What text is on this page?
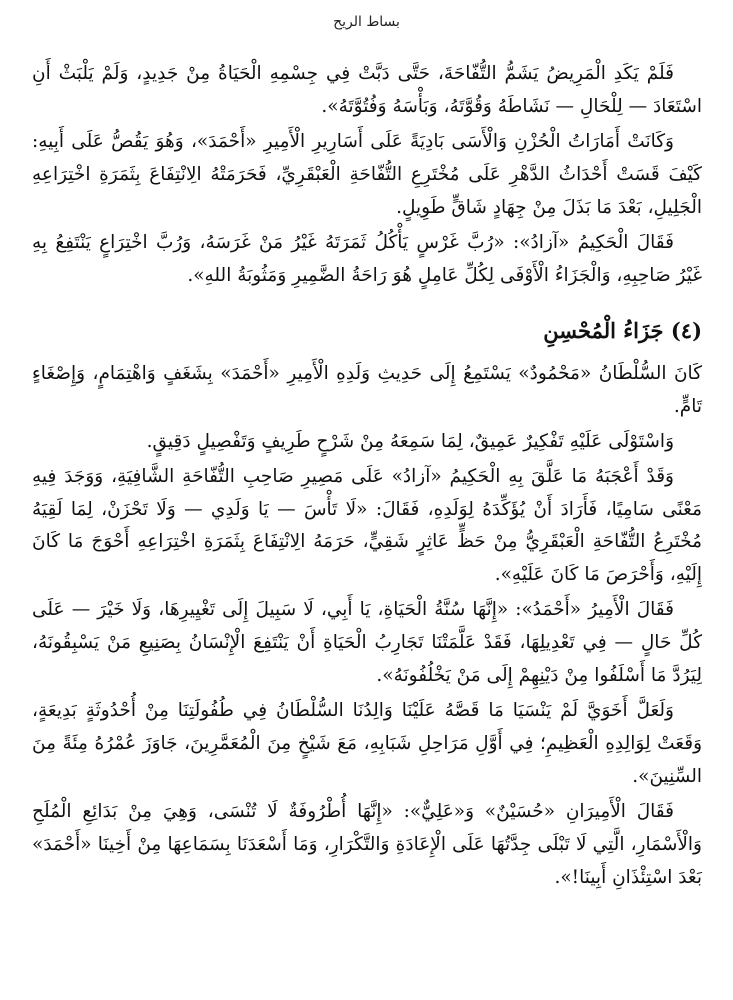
بساط الريح

فَلَمْ يَكَدِ الْمَرِيضُ يَشَمُّ التُّفّاحَةَ، حَتَّى دَبَّتْ فِي جِسْمِهِ الْحَيَاةُ مِنْ جَدِيدٍ، وَلَمْ يَلْبَثْ أَنِ اسْتَعَادَ — لِلْحَالِ — نَشَاطَهُ وَقُوَّتَهُ، وَبَأْسَهُ وَفُتُوَّتَهُ».

وَكَانَتْ أَمَارَاتُ الْحُزْنِ وَالْأَسَى بَادِيَةً عَلَى أَسَارِيرِ الْأَمِيرِ «أَحْمَدَ»، وَهُوَ يَقُصُّ عَلَى أَبِيهِ: كَيْفَ قَسَتْ أَحْدَاثُ الدَّهْرِ عَلَى مُخْتَرِعِ التُّفّاحَةِ الْعَبْقَرِيِّ، فَحَرَمَتْهُ الِانْتِفَاعَ بِثَمَرَةِ اخْتِرَاعِهِ الْجَلِيلِ، بَعْدَ مَا بَذَلَ مِنْ جِهَادٍ شَاقٍّ طَوِيلٍ.

فَقَالَ الْحَكِيمُ «آزادُ»: «رُبَّ غَرْسٍ يَأْكُلُ ثَمَرَتَهُ غَيْرُ مَنْ غَرَسَهُ، وَرُبَّ اخْتِرَاعٍ يَنْتَفِعُ بِهِ غَيْرُ صَاحِبِهِ، وَالْجَزَاءُ الْأَوْفَى لِكُلِّ عَامِلٍ هُوَ رَاحَةُ الضَّمِيرِ وَمَثُوبَةُ اللهِ».

(٤) جَزَاءُ الْمُحْسِنِ

كَانَ السُّلْطَانُ «مَحْمُودٌ» يَسْتَمِعُ إِلَى حَدِيثِ وَلَدِهِ الْأَمِيرِ «أَحْمَدَ» بِشَغَفٍ وَاهْتِمَامٍ، وَإِصْغَاءٍ تَامٍّ.

وَاسْتَوْلَى عَلَيْهِ تَفْكِيرٌ عَمِيقٌ، لِمَا سَمِعَهُ مِنْ شَرْحٍ طَرِيفٍ وَتَفْصِيلٍ دَقِيقٍ.

وَقَدْ أَعْجَبَهُ مَا عَلَّقَ بِهِ الْحَكِيمُ «آزادُ» عَلَى مَصِيرِ صَاحِبِ التُّفّاحَةِ الشَّافِيَةِ، وَوَجَدَ فِيهِ مَعْنًى سَامِيًا، فَأَرَادَ أَنْ يُؤَكِّدَهُ لِوَلَدِهِ، فَقَالَ: «لَا تَأْسَ — يَا وَلَدِي — وَلَا تَحْزَنْ، لِمَا لَقِيَهُ مُخْتَرِعُ التُّفّاحَةِ الْعَبْقَرِيُّ مِنْ حَظٍّ عَاثِرٍ شَقِيٍّ، حَرَمَهُ الِانْتِفَاعَ بِثَمَرَةِ اخْتِرَاعِهِ أَحْوَجَ مَا كَانَ إِلَيْهِ، وَأَحْرَصَ مَا كَانَ عَلَيْهِ».

فَقَالَ الْأَمِيرُ «أَحْمَدُ»: «إِنَّهَا سُنَّةُ الْحَيَاةِ، يَا أَبِي، لَا سَبِيلَ إِلَى تَغْيِيرِهَا، وَلَا خَيْرَ — عَلَى كُلِّ حَالٍ — فِي تَعْدِيلِهَا، فَقَدْ عَلَّمَتْنَا تَجَارِبُ الْحَيَاةِ أَنْ يَنْتَفِعَ الْإِنْسَانُ بِصَنِيعِ مَنْ يَسْبِقُونَهُ، لِيَرُدَّ مَا أَسْلَفُوا مِنْ دَيْنِهِمْ إِلَى مَنْ يَخْلُفُونَهُ».

وَلَعَلَّ أَخَوَيَّ لَمْ يَنْسَيَا مَا قَصَّهُ عَلَيْنَا وَالِدُنَا السُّلْطَانُ فِي طُفُولَتِنَا مِنْ أُحْدُوثَةٍ بَدِيعَةٍ، وَقَعَتْ لِوَالِدِهِ الْعَظِيمِ؛ فِي أَوَّلِ مَرَاحِلِ شَبَابِهِ، مَعَ شَيْخٍ مِنَ الْمُعَمَّرِينَ، جَاوَزَ عُمْرُهُ مِئَةً مِنَ السِّنِينَ».

فَقَالَ الْأَمِيرَانِ «حُسَيْنٌ» وَ«عَلِيٌّ»: «إِنَّهَا أُطْرُوفَةٌ لَا تُنْسَى، وَهِيَ مِنْ بَدَائِعِ الْمُلَحِ وَالْأَسْمَارِ، الَّتِي لَا تَبْلَى جِدَّتُهَا عَلَى الْإِعَادَةِ وَالتَّكْرَارِ، وَمَا أَسْعَدَنَا بِسَمَاعِهَا مِنْ أَخِينَا «أَحْمَدَ» بَعْدَ اسْتِئْذَانِ أَبِينَا!».
